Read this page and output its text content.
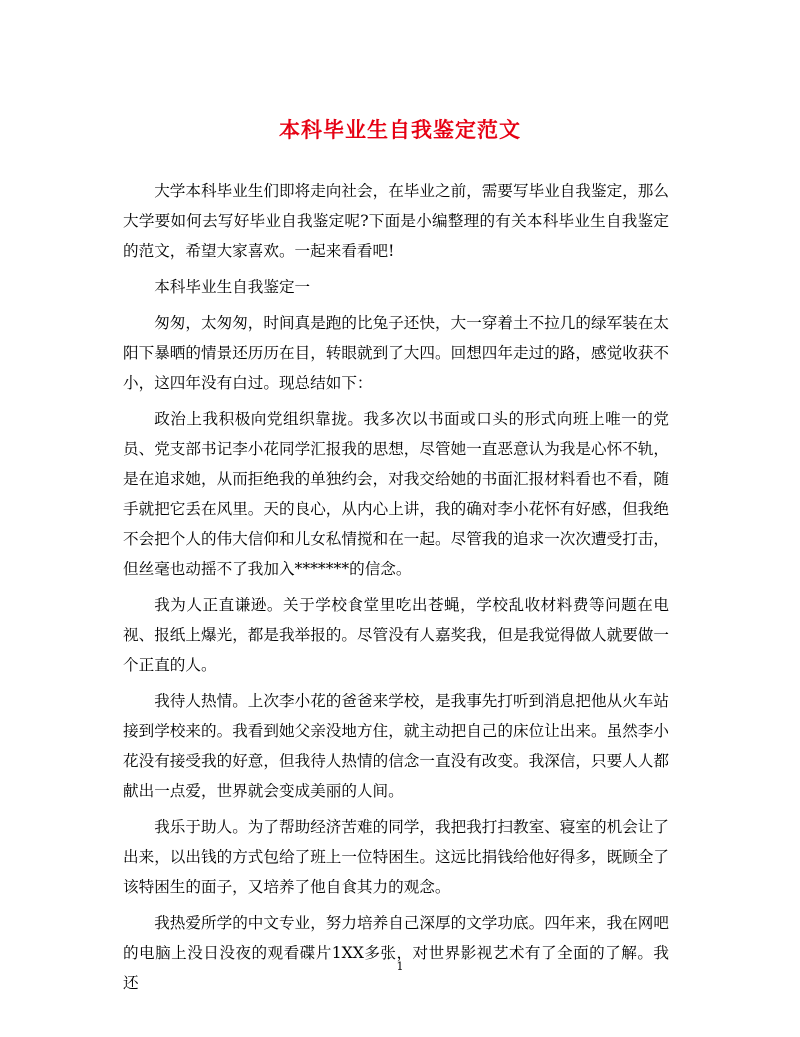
本科毕业生自我鉴定范文

大学本科毕业生们即将走向社会，在毕业之前，需要写毕业自我鉴定，那么大学要如何去写好毕业自我鉴定呢?下面是小编整理的有关本科毕业生自我鉴定的范文，希望大家喜欢。一起来看看吧!

本科毕业生自我鉴定一

匆匆，太匆匆，时间真是跑的比兔子还快，大一穿着土不拉几的绿军装在太阳下暴晒的情景还历历在目，转眼就到了大四。回想四年走过的路，感觉收获不小，这四年没有白过。现总结如下：

政治上我积极向党组织靠拢。我多次以书面或口头的形式向班上唯一的党员、党支部书记李小花同学汇报我的思想，尽管她一直恶意认为我是心怀不轨，是在追求她，从而拒绝我的单独约会，对我交给她的书面汇报材料看也不看，随手就把它丢在风里。天的良心，从内心上讲，我的确对李小花怀有好感，但我绝不会把个人的伟大信仰和儿女私情搅和在一起。尽管我的追求一次次遭受打击，但丝毫也动摇不了我加入*******的信念。

我为人正直谦逊。关于学校食堂里吃出苍蝇，学校乱收材料费等问题在电视、报纸上爆光，都是我举报的。尽管没有人嘉奖我，但是我觉得做人就要做一个正直的人。

我待人热情。上次李小花的爸爸来学校，是我事先打听到消息把他从火车站接到学校来的。我看到她父亲没地方住，就主动把自己的床位让出来。虽然李小花没有接受我的好意，但我待人热情的信念一直没有改变。我深信，只要人人都献出一点爱，世界就会变成美丽的人间。

我乐于助人。为了帮助经济苦难的同学，我把我打扫教室、寝室的机会让了出来，以出钱的方式包给了班上一位特困生。这远比捐钱给他好得多，既顾全了该特困生的面子，又培养了他自食其力的观念。

我热爱所学的中文专业，努力培养自己深厚的文学功底。四年来，我在网吧的电脑上没日没夜的观看碟片1XX多张，对世界影视艺术有了全面的了解。我还

1
